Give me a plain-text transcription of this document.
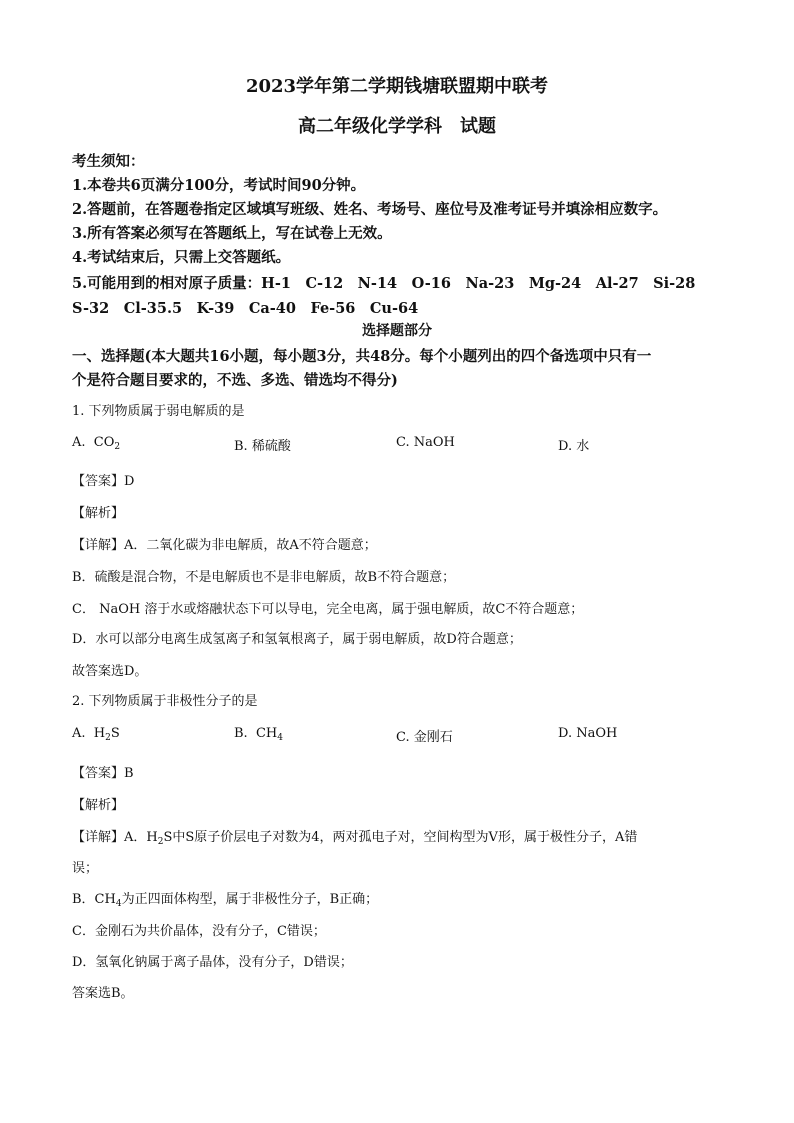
2023学年第二学期钱塘联盟期中联考
高二年级化学学科　试题
考生须知：
1.本卷共6页满分100分，考试时间90分钟。
2.答题前，在答题卷指定区域填写班级、姓名、考场号、座位号及准考证号并填涂相应数字。
3.所有答案必须写在答题纸上，写在试卷上无效。
4.考试结束后，只需上交答题纸。
5.可能用到的相对原子质量：H-1　C-12　N-14　O-16　Na-23　Mg-24　Al-27　Si-28
S-32　Cl-35.5　K-39　Ca-40　Fe-56　Cu-64
选择题部分
一、选择题(本大题共16小题，每小题3分，共48分。每个小题列出的四个备选项中只有一
个是符合题目要求的，不选、多选、错选均不得分)
1. 下列物质属于弱电解质的是
A. $CO_2$	B. 稀硫酸	C. NaOH	D. 水
【答案】D
【解析】
【详解】A．二氧化碳为非电解质，故A不符合题意；
B．硫酸是混合物，不是电解质也不是非电解质，故B不符合题意；
C． NaOH 溶于水或熔融状态下可以导电，完全电离，属于强电解质，故C不符合题意；
D．水可以部分电离生成氢离子和氢氧根离子，属于弱电解质，故D符合题意；
故答案选D。
2. 下列物质属于非极性分子的是
A. $H_2S$	B. $CH_4$	C. 金刚石	D. NaOH
【答案】B
【解析】
【详解】A．$H_2S$中S原子价层电子对数为4，两对孤电子对，空间构型为V形，属于极性分子，A错
误；
B．$CH_4$为正四面体构型，属于非极性分子，B正确；
C．金刚石为共价晶体，没有分子，C错误；
D．氢氧化钠属于离子晶体，没有分子，D错误；
答案选B。
